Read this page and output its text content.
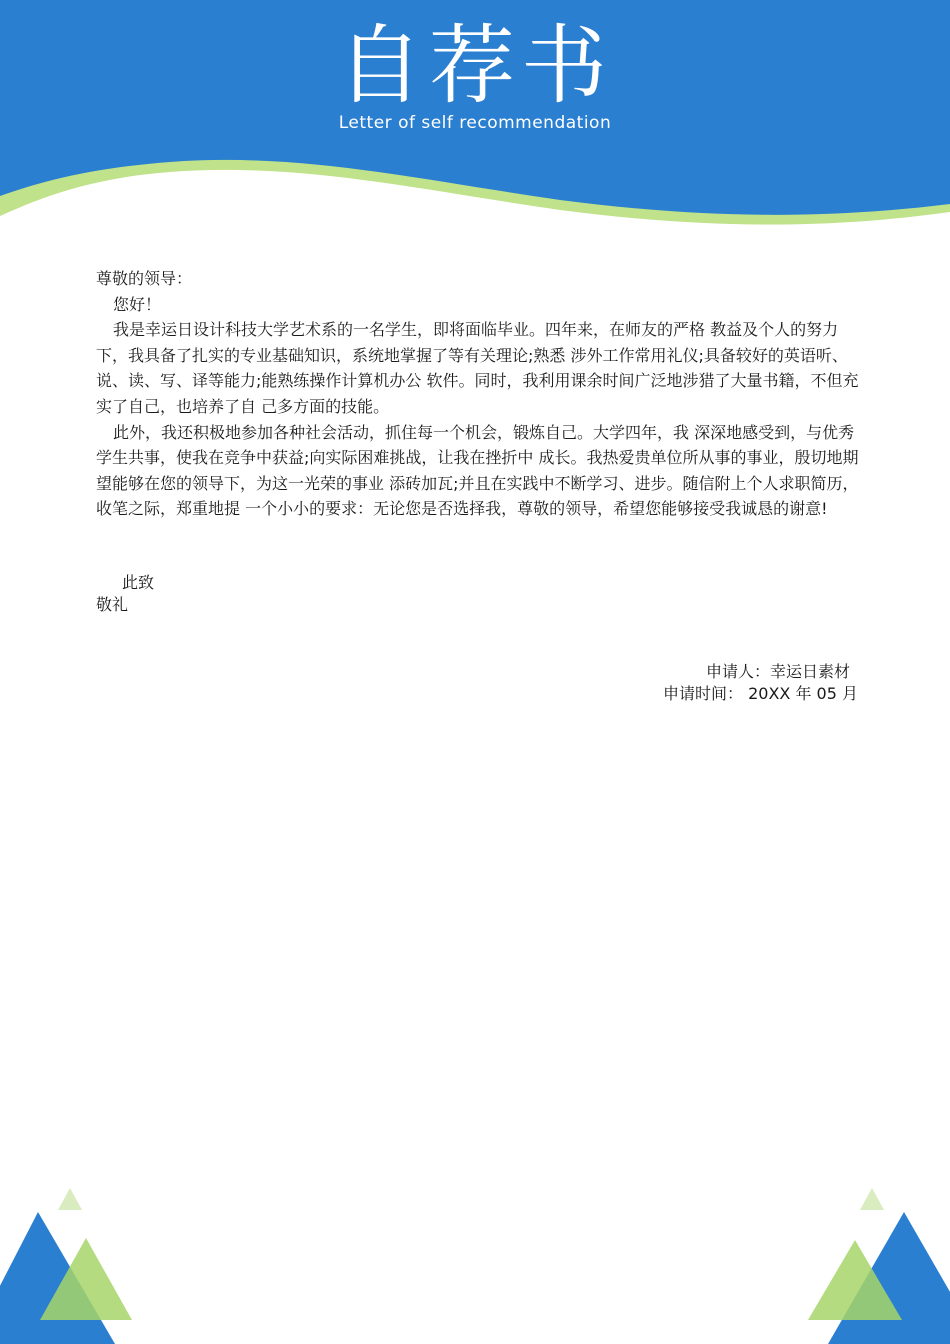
自荐书
Letter of self recommendation

尊敬的领导：

您好！

我是幸运日设计科技大学艺术系的一名学生，即将面临毕业。四年来，在师友的严格 教益及个人的努力下，我具备了扎实的专业基础知识，系统地掌握了等有关理论;熟悉 涉外工作常用礼仪;具备较好的英语听、说、读、写、译等能力;能熟练操作计算机办公 软件。同时，我利用课余时间广泛地涉猎了大量书籍，不但充实了自己，也培养了自 己多方面的技能。

此外，我还积极地参加各种社会活动，抓住每一个机会，锻炼自己。大学四年，我 深深地感受到，与优秀学生共事，使我在竞争中获益;向实际困难挑战，让我在挫折中 成长。我热爱贵单位所从事的事业，殷切地期望能够在您的领导下，为这一光荣的事业 添砖加瓦;并且在实践中不断学习、进步。随信附上个人求职简历，收笔之际，郑重地提 一个小小的要求：无论您是否选择我，尊敬的领导，希望您能够接受我诚恳的谢意!

此致
敬礼
申请人：幸运日素材
申请时间： 20XX 年 05 月
